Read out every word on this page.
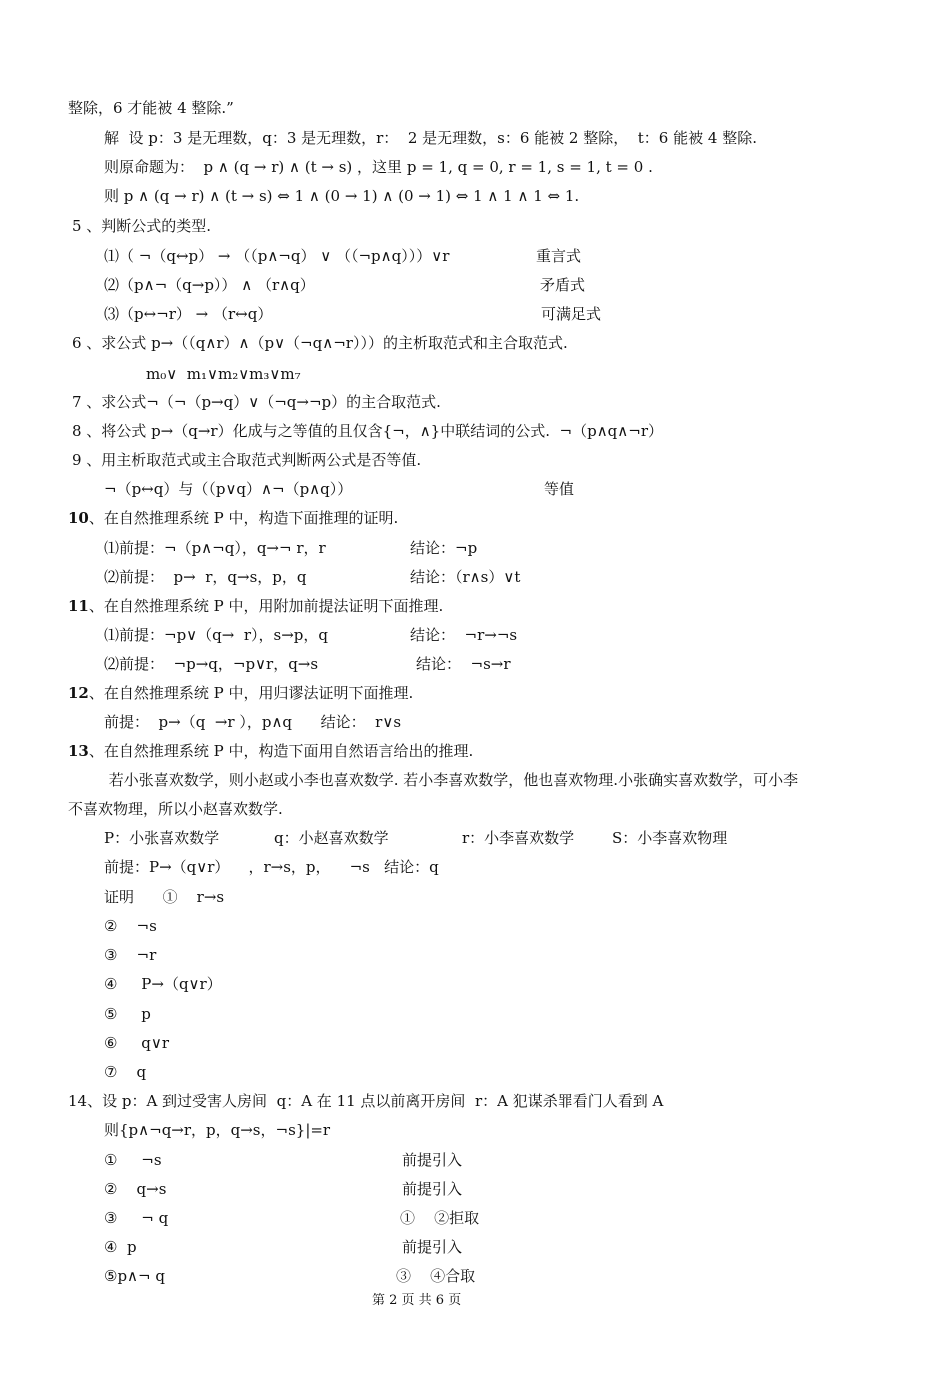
整除，6 才能被 4 整除.”
解  设 p：3 是无理数，q：3 是无理数，r：  2 是无理数，s：6 能被 2 整除，  t：6 能被 4 整除.
则原命题为：  p ∧ (q → r) ∧ (t → s) ，这里 p = 1, q = 0, r = 1, s = 1, t = 0 .
则 p ∧ (q → r) ∧ (t → s) ⇔ 1 ∧ (0 → 1) ∧ (0 → 1) ⇔ 1 ∧ 1 ∧ 1 ⇔ 1.
5 、判断公式的类型.
⑴（ ¬（q↔p） → （（p∧¬q） ∨ （（¬p∧q）））∨r	重言式
⑵（p∧¬（q→p）） ∧ （r∧q）	矛盾式
⑶（p↔¬r） → （r↔q）	可满足式
6 、求公式 p→（（q∧r）∧（p∨（¬q∧¬r）））的主析取范式和主合取范式.
m₀∨  m₁∨m₂∨m₃∨m₇
7 、求公式¬（¬（p→q）∨（¬q→¬p）的主合取范式.
8 、将公式 p→（q→r）化成与之等值的且仅含{¬，∧}中联结词的公式.  ¬（p∧q∧¬r）
9 、用主析取范式或主合取范式判断两公式是否等值.
¬（p↔q）与（（p∨q）∧¬（p∧q））	等值
10、在自然推理系统 P 中，构造下面推理的证明.
⑴前提：¬（p∧¬q），q→¬ r，r	结论：¬p
⑵前提：  p→  r，q→s，p，q	结论：（r∧s）∨t
11、在自然推理系统 P 中，用附加前提法证明下面推理.
⑴前提：¬p∨（q→  r），s→p，q	结论：  ¬r→¬s
⑵前提：  ¬p→q，¬p∨r，q→s	结论：  ¬s→r
12、在自然推理系统 P 中，用归谬法证明下面推理.
前提：  p→（q  →r ），p∧q      结论：  r∨s
13、在自然推理系统 P 中，构造下面用自然语言给出的推理.
若小张喜欢数学，则小赵或小李也喜欢数学. 若小李喜欢数学，他也喜欢物理.小张确实喜欢数学，可小李
不喜欢物理，所以小赵喜欢数学.
P：小张喜欢数学	q：小赵喜欢数学	r：小李喜欢数学	S：小李喜欢物理
前提：P→（q∨r）    ，r→s，p，    ¬s   结论：q
证明      ①    r→s
②    ¬s
③    ¬r
④     P→（q∨r）
⑤     p
⑥     q∨r
⑦    q
14、设 p：A 到过受害人房间  q：A 在 11 点以前离开房间  r：A 犯谋杀罪看门人看到 A
则{p∧¬q→r，p，q→s，¬s}|=r
①     ¬s	前提引入
②    q→s	前提引入
③     ¬ q	①    ②拒取
④  p	前提引入
⑤p∧¬ q	③    ④合取
第 2 页 共 6 页
